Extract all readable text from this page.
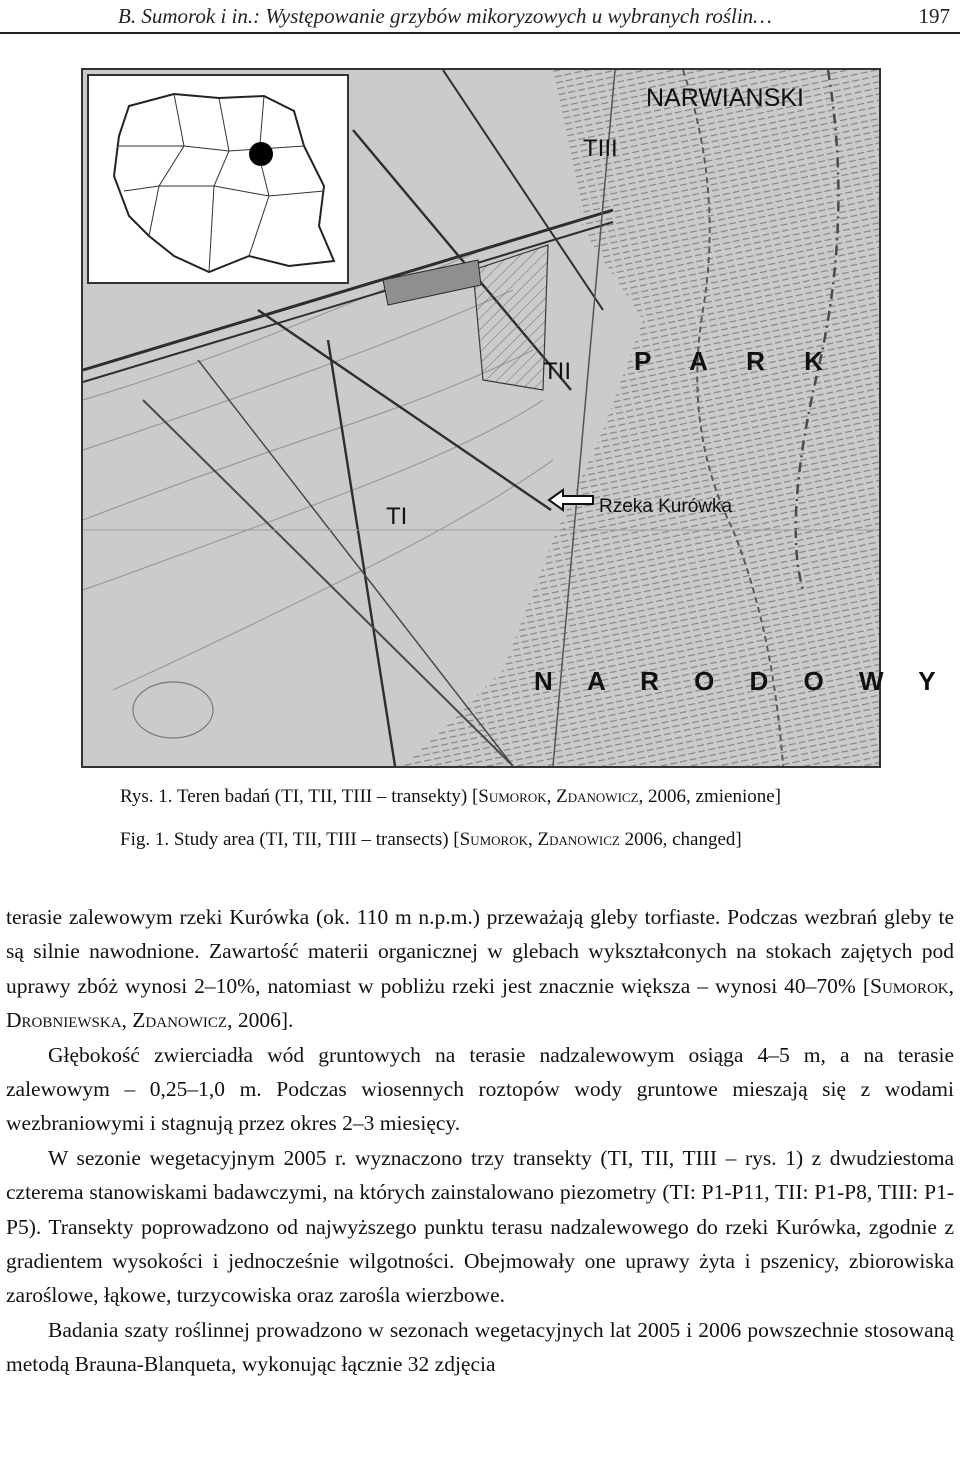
B. Sumorok i in.: Występowanie grzybów mikoryzowych u wybranych roślin…	197
NARWIANSKI
TIII
TII P A R K
TI	Rzeka Kurówka
N A R O D O W Y
Rys. 1. Teren badań (TI, TII, TIII – transekty) [Sumorok, Zdanowicz, 2006, zmienione]
Fig. 1. Study area (TI, TII, TIII – transects) [Sumorok, Zdanowicz 2006, changed]

terasie zalewowym rzeki Kurówka (ok. 110 m n.p.m.) przeważają gleby torfiaste. Podczas wezbrań gleby te są silnie nawodnione. Zawartość materii organicznej w glebach wykształconych na stokach zajętych pod uprawy zbóż wynosi 2–10%, natomiast w pobliżu rzeki jest znacznie większa – wynosi 40–70% [Sumorok, Drobniewska, Zdanowicz, 2006].

Głębokość zwierciadła wód gruntowych na terasie nadzalewowym osiąga 4–5 m, a na terasie zalewowym – 0,25–1,0 m. Podczas wiosennych roztopów wody gruntowe mieszają się z wodami wezbraniowymi i stagnują przez okres 2–3 miesięcy.

W sezonie wegetacyjnym 2005 r. wyznaczono trzy transekty (TI, TII, TIII – rys. 1) z dwudziestoma czterema stanowiskami badawczymi, na których zainstalowano piezometry (TI: P1-P11, TII: P1-P8, TIII: P1-P5). Transekty poprowadzono od najwyższego punktu terasu nadzalewowego do rzeki Kurówka, zgodnie z gradientem wysokości i jednocześnie wilgotności. Obejmowały one uprawy żyta i pszenicy, zbiorowiska zaroślowe, łąkowe, turzycowiska oraz zarośla wierzbowe.

Badania szaty roślinnej prowadzono w sezonach wegetacyjnych lat 2005 i 2006 powszechnie stosowaną metodą Brauna-Blanqueta, wykonując łącznie 32 zdjęcia
